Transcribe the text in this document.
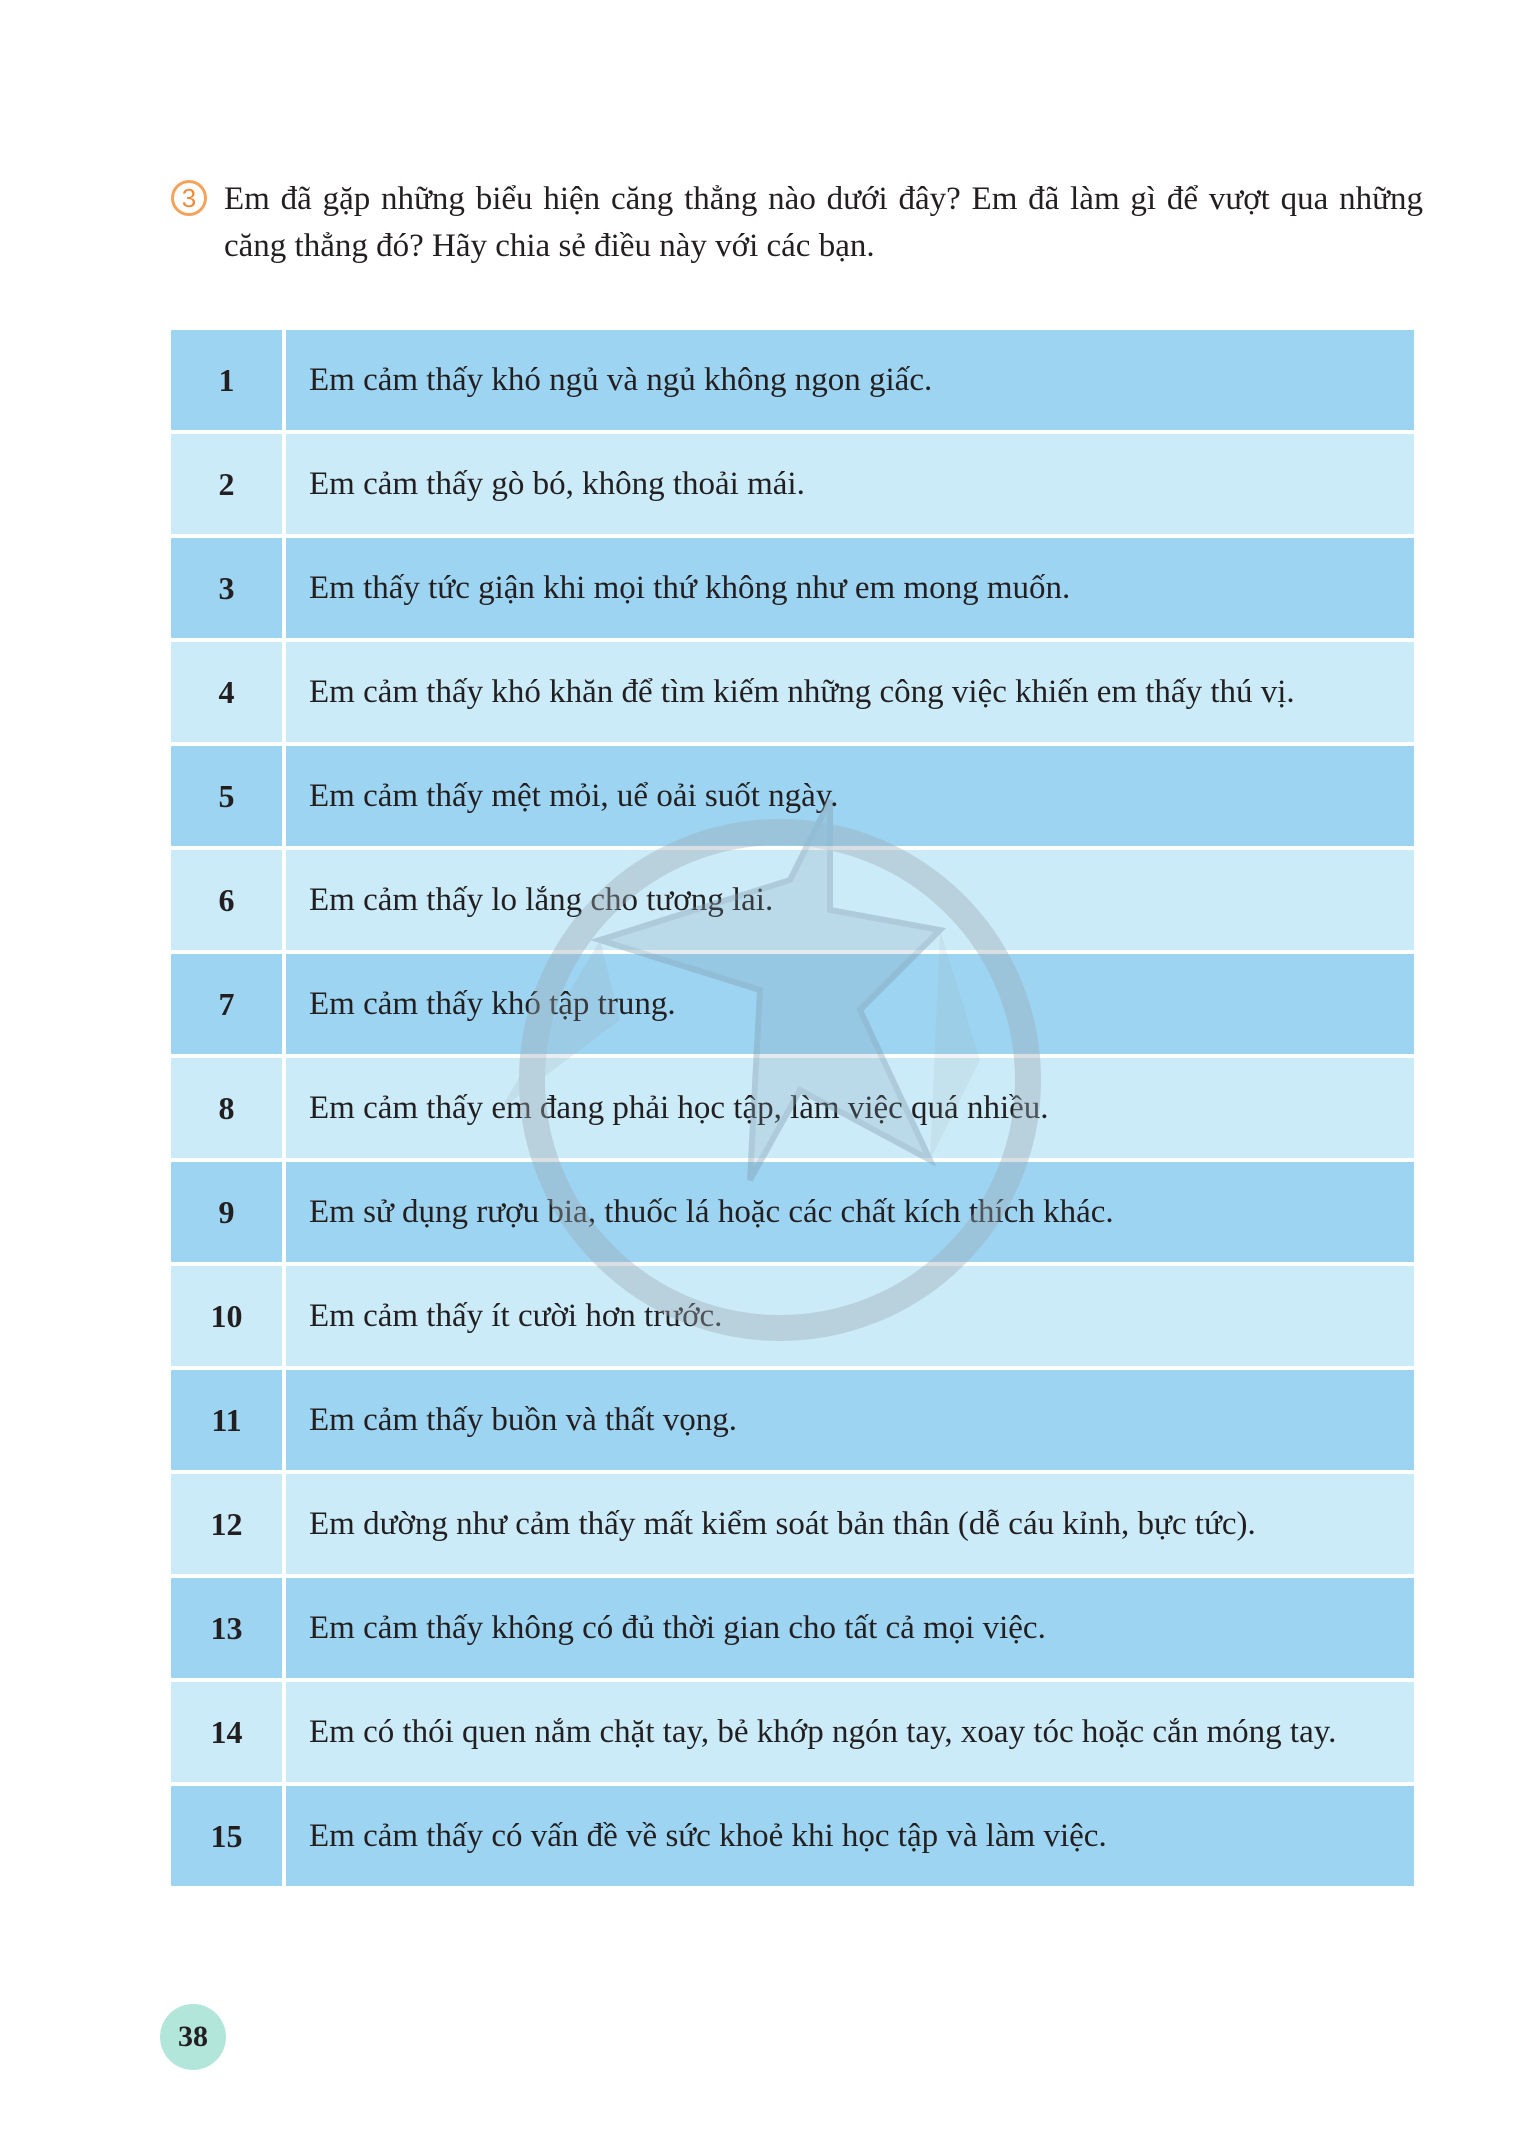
3 Em đã gặp những biểu hiện căng thẳng nào dưới đây? Em đã làm gì để vượt qua những căng thẳng đó? Hãy chia sẻ điều này với các bạn.
1	Em cảm thấy khó ngủ và ngủ không ngon giấc.
2	Em cảm thấy gò bó, không thoải mái.
3	Em thấy tức giận khi mọi thứ không như em mong muốn.
4	Em cảm thấy khó khăn để tìm kiếm những công việc khiến em thấy thú vị.
5	Em cảm thấy mệt mỏi, uể oải suốt ngày.
6	Em cảm thấy lo lắng cho tương lai.
7	Em cảm thấy khó tập trung.
8	Em cảm thấy em đang phải học tập, làm việc quá nhiều.
9	Em sử dụng rượu bia, thuốc lá hoặc các chất kích thích khác.
10	Em cảm thấy ít cười hơn trước.
11	Em cảm thấy buồn và thất vọng.
12	Em dường như cảm thấy mất kiểm soát bản thân (dễ cáu kỉnh, bực tức).
13	Em cảm thấy không có đủ thời gian cho tất cả mọi việc.
14	Em có thói quen nắm chặt tay, bẻ khớp ngón tay, xoay tóc hoặc cắn móng tay.
15	Em cảm thấy có vấn đề về sức khoẻ khi học tập và làm việc.
38
